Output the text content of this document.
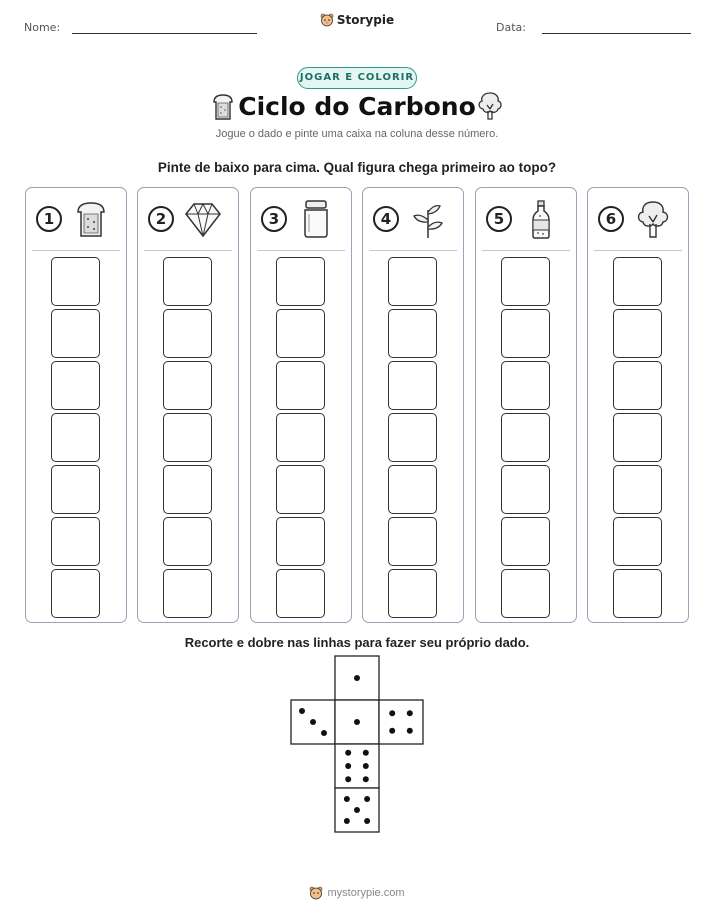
Nome:	Data:
Storypie
JOGAR E COLORIR
Ciclo do Carbono
Jogue o dado e pinte uma caixa na coluna desse número.
Pinte de baixo para cima. Qual figura chega primeiro ao topo?
1	2	3	4	5	6
Recorte e dobre nas linhas para fazer seu próprio dado.
mystorypie.com
